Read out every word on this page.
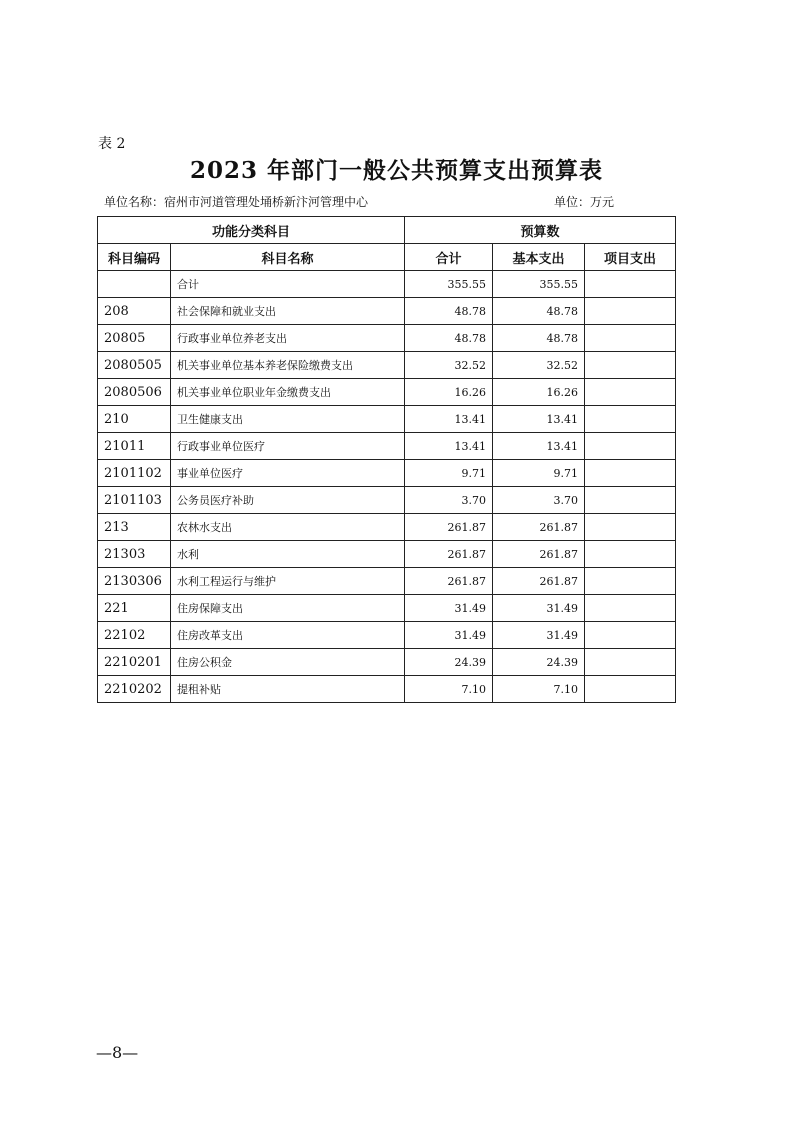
表 2
2023 年部门一般公共预算支出预算表
单位名称：宿州市河道管理处埇桥新汴河管理中心	单位：万元
功能分类科目		预算数		
科目编码	科目名称	合计	基本支出	项目支出
	合计	355.55	355.55	
208	社会保障和就业支出	48.78	48.78	
20805	行政事业单位养老支出	48.78	48.78	
2080505	机关事业单位基本养老保险缴费支出	32.52	32.52	
2080506	机关事业单位职业年金缴费支出	16.26	16.26	
210	卫生健康支出	13.41	13.41	
21011	行政事业单位医疗	13.41	13.41	
2101102	事业单位医疗	9.71	9.71	
2101103	公务员医疗补助	3.70	3.70	
213	农林水支出	261.87	261.87	
21303	水利	261.87	261.87	
2130306	水利工程运行与维护	261.87	261.87	
221	住房保障支出	31.49	31.49	
22102	住房改革支出	31.49	31.49	
2210201	住房公积金	24.39	24.39	
2210202	提租补贴	7.10	7.10	
—8—
